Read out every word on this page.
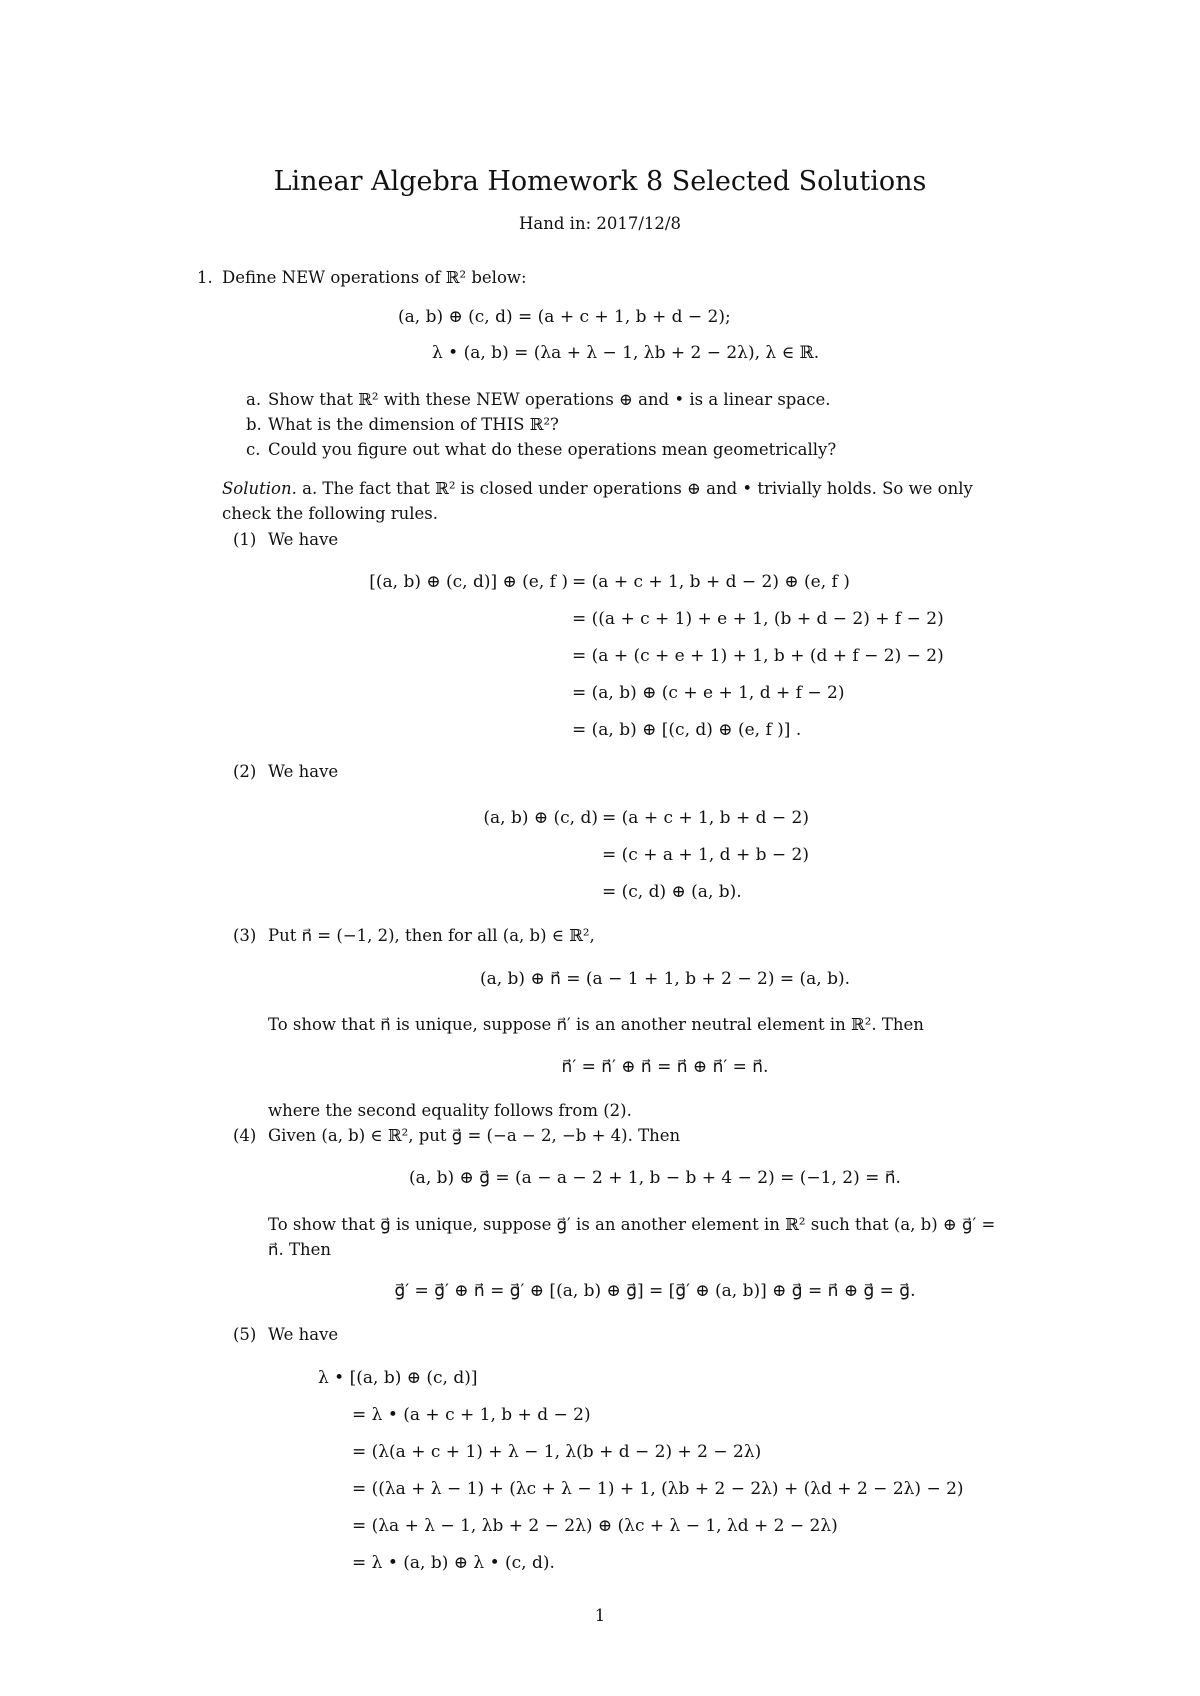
Linear Algebra Homework 8 Selected Solutions
Hand in: 2017/12/8
1. Define NEW operations of ℝ² below:
(a, b) ⊕ (c, d) = (a + c + 1, b + d − 2);
λ • (a, b) = (λa + λ − 1, λb + 2 − 2λ), λ ∈ ℝ.
a. Show that ℝ² with these NEW operations ⊕ and • is a linear space.
b. What is the dimension of THIS ℝ²?
c. Could you figure out what do these operations mean geometrically?
Solution. a. The fact that ℝ² is closed under operations ⊕ and • trivially holds. So we only
check the following rules.
(1) We have
[(a, b) ⊕ (c, d)] ⊕ (e, f ) = (a + c + 1, b + d − 2) ⊕ (e, f )
= ((a + c + 1) + e + 1, (b + d − 2) + f − 2)
= (a + (c + e + 1) + 1, b + (d + f − 2) − 2)
= (a, b) ⊕ (c + e + 1, d + f − 2)
= (a, b) ⊕ [(c, d) ⊕ (e, f )] .
(2) We have
(a, b) ⊕ (c, d) = (a + c + 1, b + d − 2)
= (c + a + 1, d + b − 2)
= (c, d) ⊕ (a, b).
(3) Put n⃗ = (−1, 2), then for all (a, b) ∈ ℝ²,
(a, b) ⊕ n⃗ = (a − 1 + 1, b + 2 − 2) = (a, b).
To show that n⃗ is unique, suppose n⃗′ is an another neutral element in ℝ². Then
n⃗′ = n⃗′ ⊕ n⃗ = n⃗ ⊕ n⃗′ = n⃗.
where the second equality follows from (2).
(4) Given (a, b) ∈ ℝ², put g⃗ = (−a − 2, −b + 4). Then
(a, b) ⊕ g⃗ = (a − a − 2 + 1, b − b + 4 − 2) = (−1, 2) = n⃗.
To show that g⃗ is unique, suppose g⃗′ is an another element in ℝ² such that (a, b) ⊕ g⃗′ =
n⃗. Then
g⃗′ = g⃗′ ⊕ n⃗ = g⃗′ ⊕ [(a, b) ⊕ g⃗] = [g⃗′ ⊕ (a, b)] ⊕ g⃗ = n⃗ ⊕ g⃗ = g⃗.
(5) We have
λ • [(a, b) ⊕ (c, d)]
= λ • (a + c + 1, b + d − 2)
= (λ(a + c + 1) + λ − 1, λ(b + d − 2) + 2 − 2λ)
= ((λa + λ − 1) + (λc + λ − 1) + 1, (λb + 2 − 2λ) + (λd + 2 − 2λ) − 2)
= (λa + λ − 1, λb + 2 − 2λ) ⊕ (λc + λ − 1, λd + 2 − 2λ)
= λ • (a, b) ⊕ λ • (c, d).
1
